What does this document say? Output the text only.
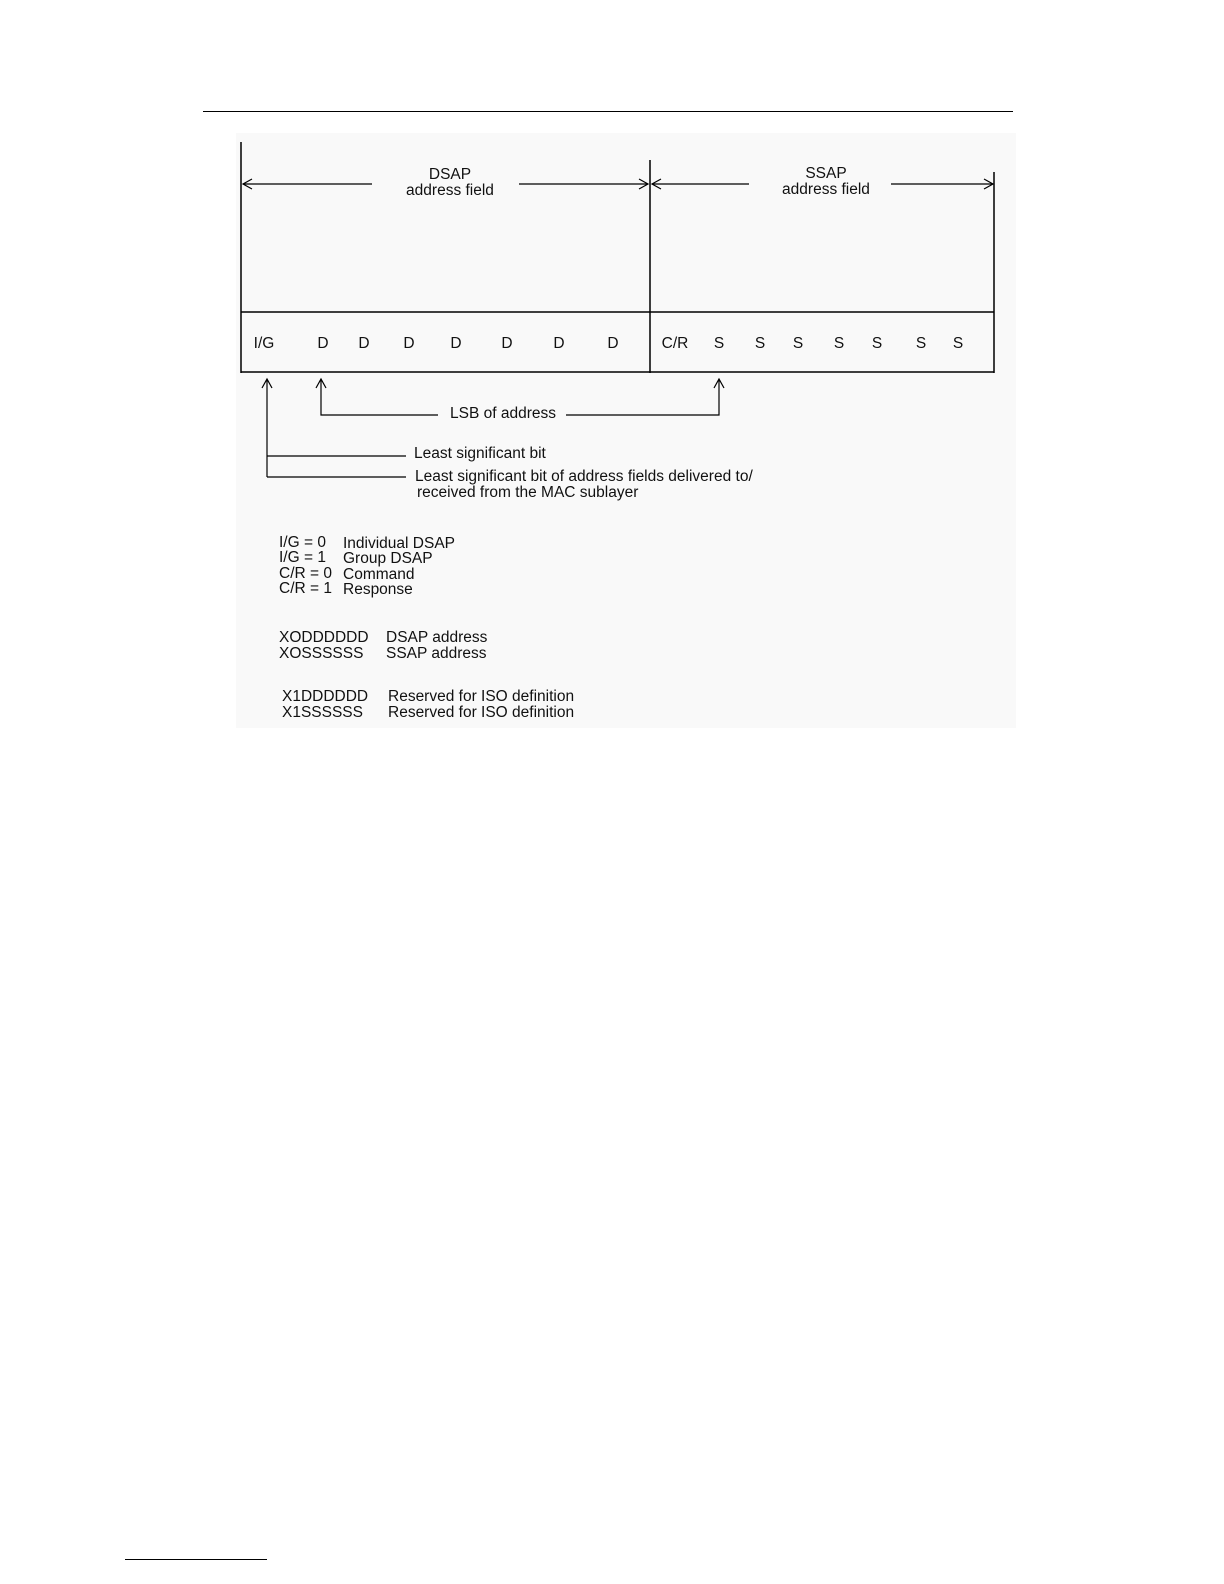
DSAP
address field
SSAP
address field
I/G	D D D D	D	D	D	C/R S S S S S S S
LSB of address
Least significant bit
Least significant bit of address fields delivered to/
received from the MAC sublayer
I/G = 0 Individual DSAP
I/G = 1 Group DSAP
C/R = 0 Command
C/R = 1 Response
XODDDDDD DSAP address
XOSSSSSS SSAP address
X1DDDDDD Reserved for ISO definition
X1SSSSSS Reserved for ISO definition
